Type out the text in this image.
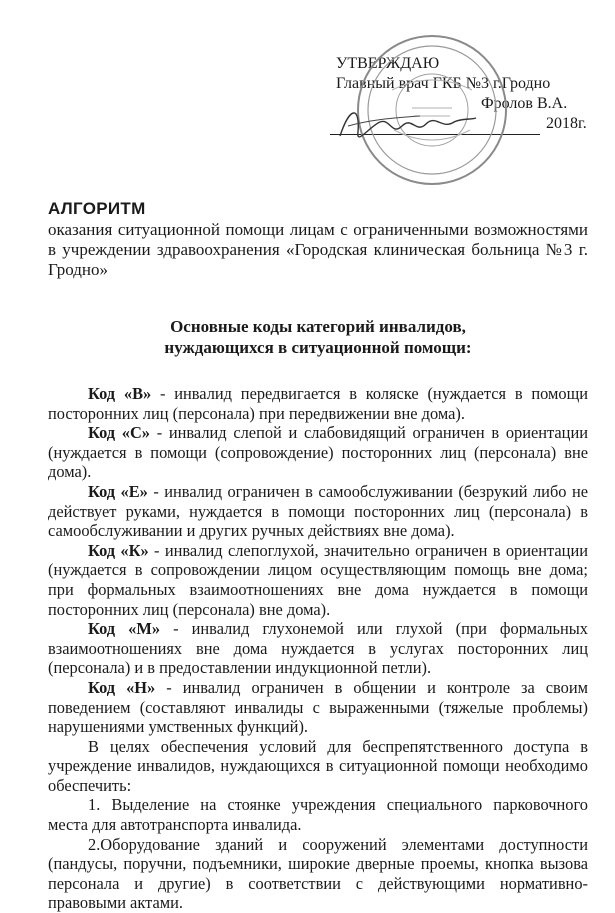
УТВЕРЖДАЮ
Главный врач ГКБ №3 г.Гродно
Фролов В.А.
2018г.
АЛГОРИТМ
оказания ситуационной помощи лицам с ограниченными возможностями в учреждении здравоохранения «Городская клиническая больница №3 г. Гродно»
Основные коды категорий инвалидов,
нуждающихся в ситуационной помощи:

Код «В» - инвалид передвигается в коляске (нуждается в помощи посторонних лиц (персонала) при передвижении вне дома).

Код «С» - инвалид слепой и слабовидящий ограничен в ориентации (нуждается в помощи (сопровождение) посторонних лиц (персонала) вне дома).

Код «Е» - инвалид ограничен в самообслуживании (безрукий либо не действует руками, нуждается в помощи посторонних лиц (персонала) в самообслуживании и других ручных действиях вне дома).

Код «К» - инвалид слепоглухой, значительно ограничен в ориентации (нуждается в сопровождении лицом осуществляющим помощь вне дома; при формальных взаимоотношениях вне дома нуждается в помощи посторонних лиц (персонала) вне дома).

Код «М» - инвалид глухонемой или глухой (при формальных взаимоотношениях вне дома нуждается в услугах посторонних лиц (персонала) и в предоставлении индукционной петли).

Код «Н» - инвалид ограничен в общении и контроле за своим поведением (составляют инвалиды с выраженными (тяжелые проблемы) нарушениями умственных функций).

В целях обеспечения условий для беспрепятственного доступа в учреждение инвалидов, нуждающихся в ситуационной помощи необходимо обеспечить:

1. Выделение на стоянке учреждения специального парковочного места для автотранспорта инвалида.

2.Оборудование зданий и сооружений элементами доступности (пандусы, поручни, подъемники, широкие дверные проемы, кнопка вызова персонала и другие) в соответствии с действующими нормативно-правовыми актами.
